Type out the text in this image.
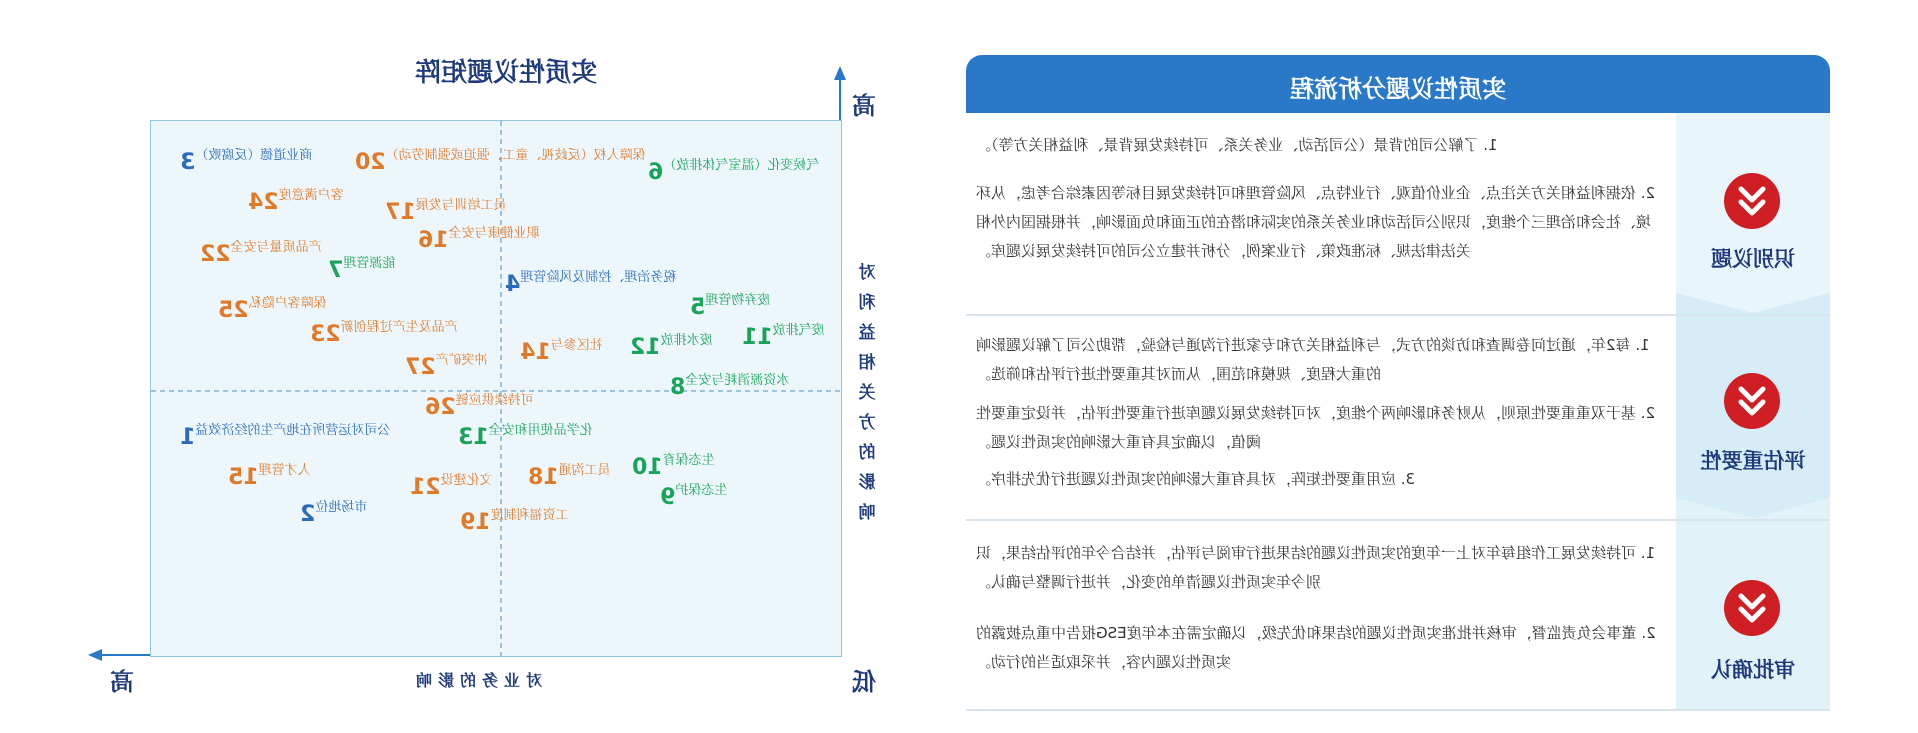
实质性议题矩阵
对利益相关方的影响
高
低
高	对业务的影响
$^{商业道德(反腐败)}$3	$^{保障人权(反歧视、童工、强迫或强制劳动)}$20	$^{气候变化(温室气体排放)}$6
$^{客户满意度}$24	$^{员工培训与发展}$17
$^{职业健康与安全}$16
$^{产品质量与安全}$22	$^{能源管理}$7	$^{税务治理、控制及风险管理}$4
$^{废弃物管理}$5
$^{保障客户隐私}$25
$^{产品及生产过程创新}$23	$^{废气排放}$11
$^{废水排放}$12
$^{社区参与}$14
$^{冲突矿产}$27
$^{水资源消耗与安全}$8
$^{可持续供应链}$26
$^{公司对运营所在地产生的经济效益}$1	$^{化学品使用和安全}$13
$^{人才管理}$15	$^{文化建设}$21
$^{员工沟通}$18
$^{生态保育}$10
$^{生态保护}$9
$^{市场地位}$2	$^{工资福利制度}$19
实质性议题分析流程
识别议题
1. 了解公司的背景（公司活动、业务关系、可持续发展背景、利益相关方等）。
2. 依据利益相关方关注点、企业价值观、行业特点、风险管理和可持续发展目标等因素综合考虑，从环境、社会和治理三个维度，识别公司活动和业务关系的实际和潜在的正面和负面影响，并根据国内外相关法律法规、标准政策、行业案例，分析并建立公司的可持续发展议题库。
评估重要性
1. 每2年，通过问卷调查和访谈的方式，与利益相关方和专家进行沟通与检验，帮助公司了解议题影响的重大程度、规模和范围，从而对其重要性进行评估和筛选。
2. 基于双重重要性原则，从财务和影响两个维度，对可持续发展议题库进行重要性评估，并设定重要性阈值，以确定具有重大影响的实质性议题。
3. 应用重要性矩阵，对具有重大影响的实质性议题进行优先排序。
审批确认
1. 可持续发展工作组每年对上一年度的实质性议题的结果进行审阅与评估，并结合今年的评估结果，识别今年实质性议题清单的变化，并进行调整与确认。
2. 董事会负责监督，审核并批准实质性议题的结果和优先级，以确定需在本年度ESG报告中重点披露的实质性议题内容，并采取适当的行动。
